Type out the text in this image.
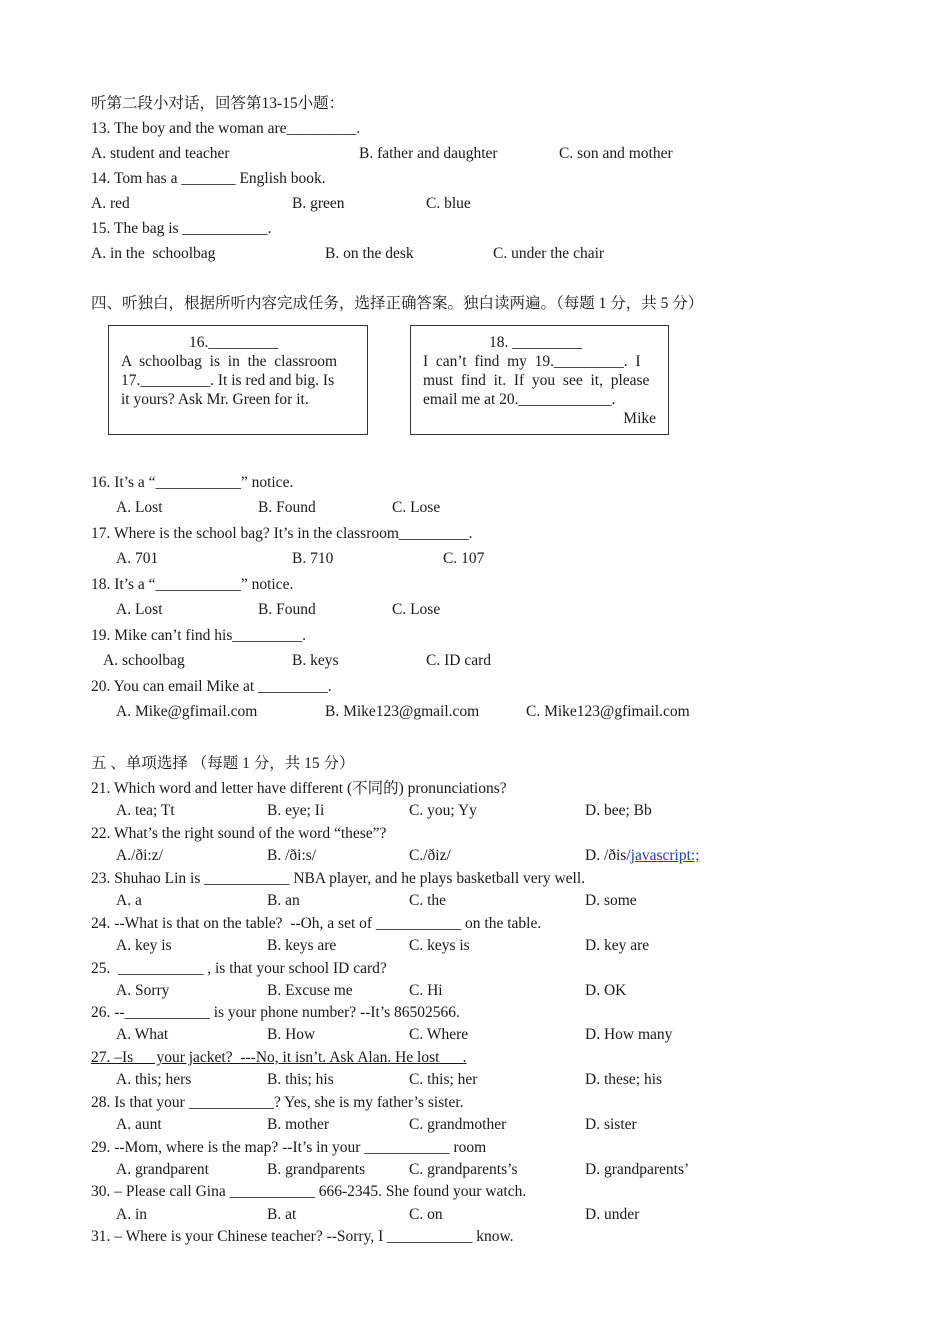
听第二段小对话，回答第13-15小题：
13. The boy and the woman are_________.
A. student and teacher	B. father and daughter	C. son and mother
14. Tom has a _______ English book.
A. red	B. green	C. blue
15. The bag is ___________.
A. in the  schoolbag	B. on the desk	C. under the chair
四、听独白，根据所听内容完成任务，选择正确答案。独白读两遍。（每题 1 分，共 5 分）
16._________
A  schoolbag  is  in  the  classroom
17._________. It is red and big. Is
it yours? Ask Mr. Green for it.
18. _________
I  can’t  find  my  19._________.  I
must  find  it.  If  you  see  it,  please
email me at 20.____________.
Mike
16. It’s a “___________” notice.
A. Lost	B. Found	C. Lose
17. Where is the school bag? It’s in the classroom_________.
A. 701	B. 710	C. 107
18. It’s a “___________” notice.
A. Lost	B. Found	C. Lose
19. Mike can’t find his_________.
A. schoolbag	B. keys	C. ID card
20. You can email Mike at _________.
A. Mike@gfimail.com	B. Mike123@gmail.com	C. Mike123@gfimail.com
五 、单项选择 （每题 1 分，共 15 分）
21. Which word and letter have different (不同的) pronunciations?
A. tea; Tt	B. eye; Ii	C. you; Yy	D. bee; Bb
22. What’s the right sound of the word “these”?
A./ði:z/	B. /ði:s/	C./ðiz/	D. /ðis/javascript:;
23. Shuhao Lin is ___________ NBA player, and he plays basketball very well.
A. a	B. an	C. the	D. some
24. --What is that on the table?  --Oh, a set of ___________ on the table.
A. key is	B. keys are	C. keys is	D. key are
25.  ___________ , is that your school ID card?
A. Sorry	B. Excuse me	C. Hi	D. OK
26. --___________ is your phone number? --It’s 86502566.
A. What	B. How	C. Where	D. How many
27. –Is      your jacket?  ---No, it isn’t. Ask Alan. He lost      .
A. this; hers	B. this; his	C. this; her	D. these; his
28. Is that your ___________? Yes, she is my father’s sister.
A. aunt	B. mother	C. grandmother	D. sister
29. --Mom, where is the map? --It’s in your ___________ room
A. grandparent	B. grandparents	C. grandparents’s	D. grandparents’
30. – Please call Gina ___________ 666-2345. She found your watch.
A. in	B. at	C. on	D. under
31. – Where is your Chinese teacher? --Sorry, I ___________ know.
